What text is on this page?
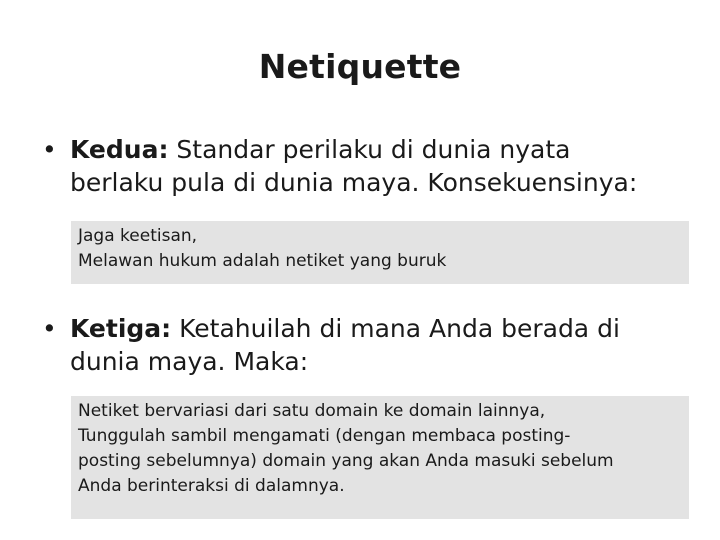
Netiquette
• Kedua: Standar perilaku di dunia nyata
berlaku pula di dunia maya. Konsekuensinya:
Jaga keetisan,
Melawan hukum adalah netiket yang buruk
• Ketiga: Ketahuilah di mana Anda berada di
dunia maya. Maka:
Netiket bervariasi dari satu domain ke domain lainnya,
Tunggulah sambil mengamati (dengan membaca posting-
posting sebelumnya) domain yang akan Anda masuki sebelum
Anda berinteraksi di dalamnya.
